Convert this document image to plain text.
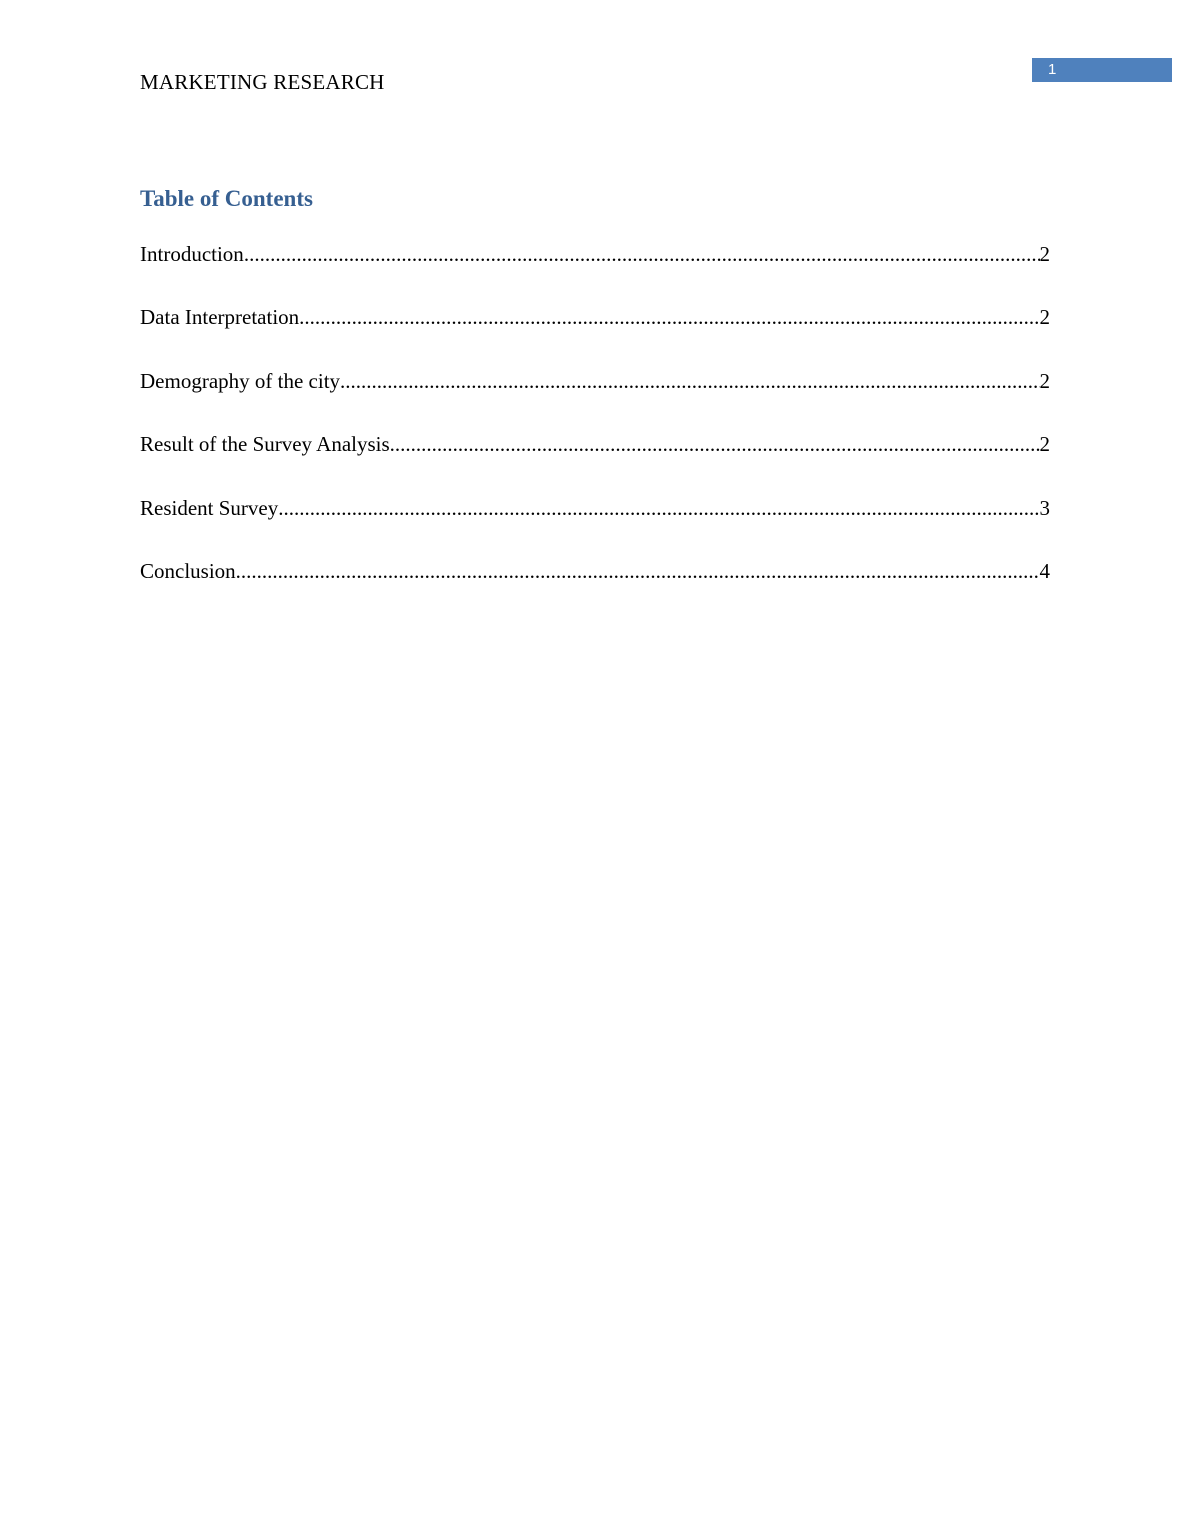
1
MARKETING RESEARCH
Table of Contents
Introduction .....	2
Data Interpretation .....	2
Demography of the city .....	2
Result of the Survey Analysis .....	2
Resident Survey .....	3
Conclusion .....	4
